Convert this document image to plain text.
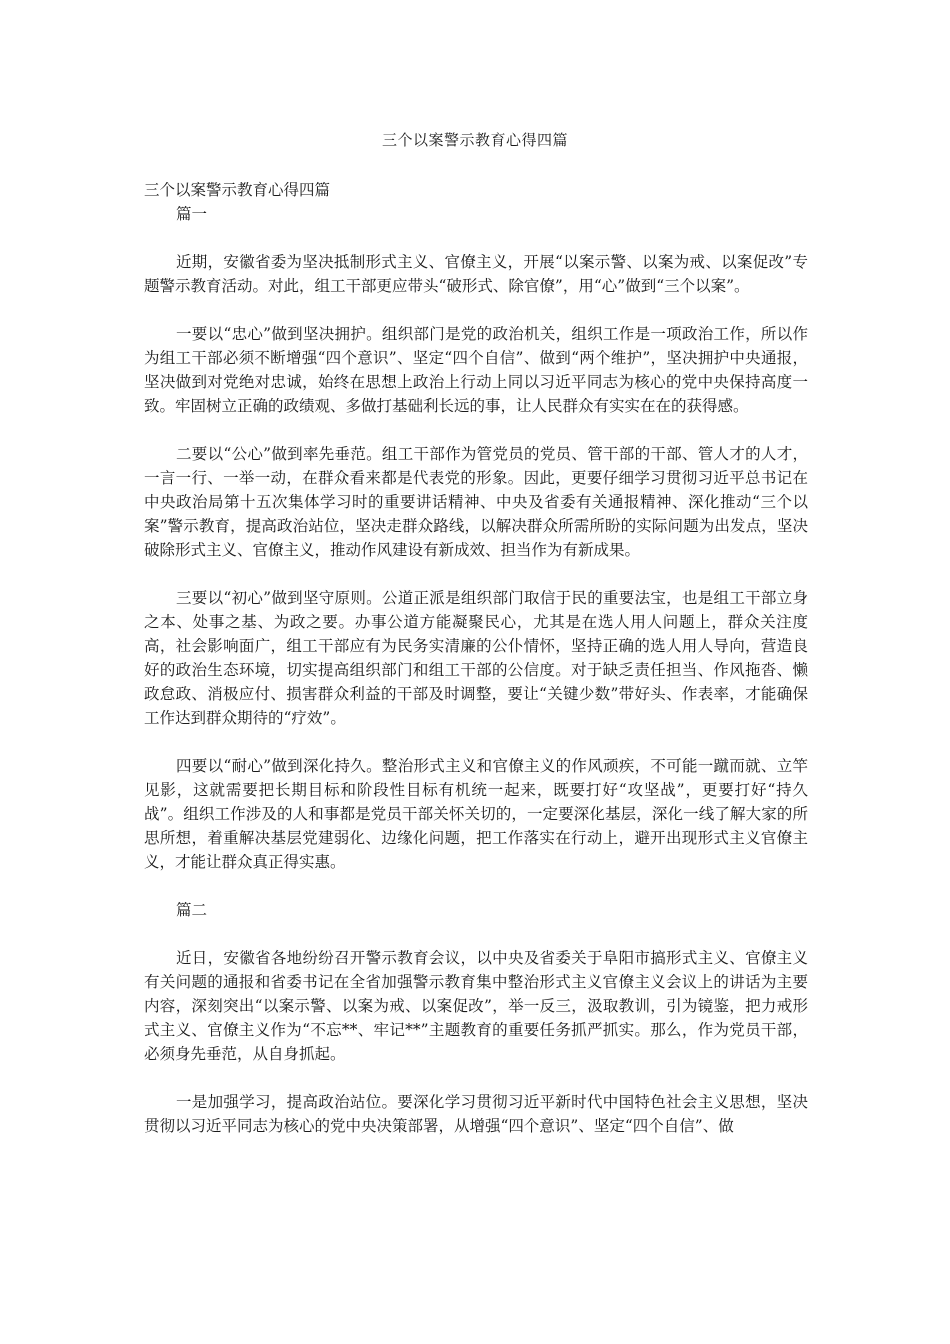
三个以案警示教育心得四篇

三个以案警示教育心得四篇

篇一

近期，安徽省委为坚决抵制形式主义、官僚主义，开展“以案示警、以案为戒、以案促改”专题警示教育活动。对此，组工干部更应带头“破形式、除官僚”，用“心”做到“三个以案”。

一要以“忠心”做到坚决拥护。组织部门是党的政治机关，组织工作是一项政治工作，所以作为组工干部必须不断增强“四个意识”、坚定“四个自信”、做到“两个维护”，坚决拥护中央通报，坚决做到对党绝对忠诚，始终在思想上政治上行动上同以习近平同志为核心的党中央保持高度一致。牢固树立正确的政绩观、多做打基础利长远的事，让人民群众有实实在在的获得感。

二要以“公心”做到率先垂范。组工干部作为管党员的党员、管干部的干部、管人才的人才，一言一行、一举一动，在群众看来都是代表党的形象。因此，更要仔细学习贯彻习近平总书记在中央政治局第十五次集体学习时的重要讲话精神、中央及省委有关通报精神、深化推动“三个以案”警示教育，提高政治站位，坚决走群众路线，以解决群众所需所盼的实际问题为出发点，坚决破除形式主义、官僚主义，推动作风建设有新成效、担当作为有新成果。

三要以“初心”做到坚守原则。公道正派是组织部门取信于民的重要法宝，也是组工干部立身之本、处事之基、为政之要。办事公道方能凝聚民心，尤其是在选人用人问题上，群众关注度高，社会影响面广，组工干部应有为民务实清廉的公仆情怀，坚持正确的选人用人导向，营造良好的政治生态环境，切实提高组织部门和组工干部的公信度。对于缺乏责任担当、作风拖沓、懒政怠政、消极应付、损害群众利益的干部及时调整，要让“关键少数”带好头、作表率，才能确保工作达到群众期待的“疗效”。

四要以“耐心”做到深化持久。整治形式主义和官僚主义的作风顽疾，不可能一蹴而就、立竿见影，这就需要把长期目标和阶段性目标有机统一起来，既要打好“攻坚战”，更要打好“持久战”。组织工作涉及的人和事都是党员干部关怀关切的，一定要深化基层，深化一线了解大家的所思所想，着重解决基层党建弱化、边缘化问题，把工作落实在行动上，避开出现形式主义官僚主义，才能让群众真正得实惠。

篇二

近日，安徽省各地纷纷召开警示教育会议，以中央及省委关于阜阳市搞形式主义、官僚主义有关问题的通报和省委书记在全省加强警示教育集中整治形式主义官僚主义会议上的讲话为主要内容，深刻突出“以案示警、以案为戒、以案促改”，举一反三，汲取教训，引为镜鉴，把力戒形式主义、官僚主义作为“不忘**、牢记**”主题教育的重要任务抓严抓实。那么，作为党员干部，必须身先垂范，从自身抓起。

一是加强学习，提高政治站位。要深化学习贯彻习近平新时代中国特色社会主义思想，坚决贯彻以习近平同志为核心的党中央决策部署，从增强“四个意识”、坚定“四个自信”、做
